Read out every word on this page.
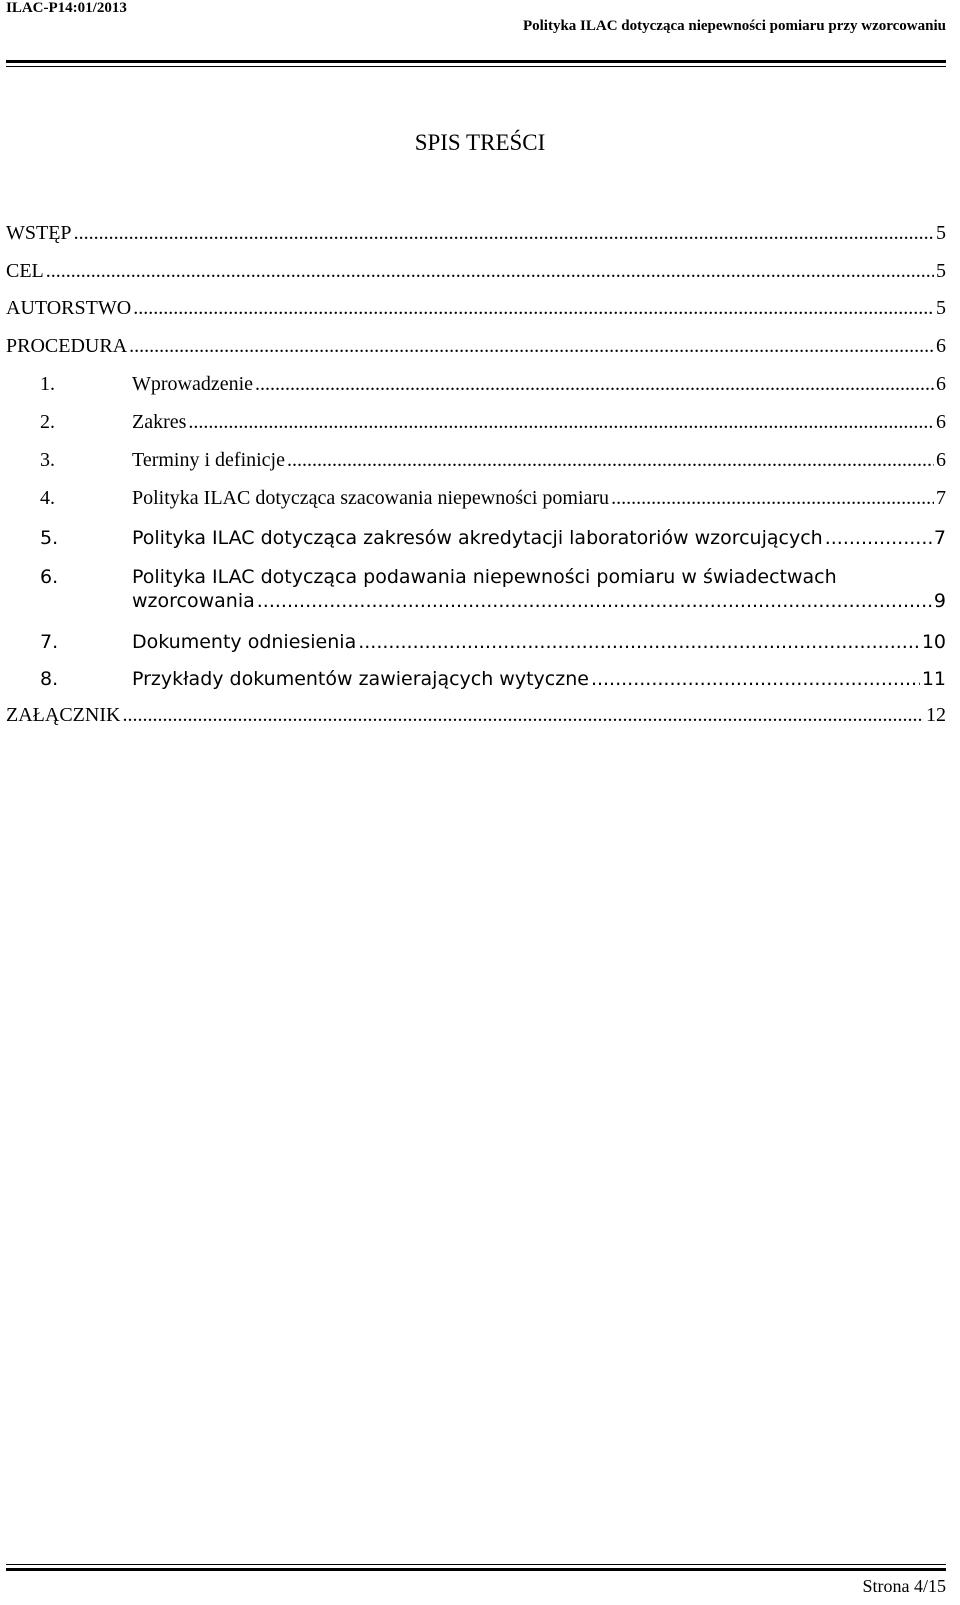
ILAC-P14:01/2013
Polityka ILAC dotycząca niepewności pomiaru przy wzorcowaniu
SPIS TREŚCI
WSTĘP .....	5
CEL .....	5
AUTORSTWO .....	5
PROCEDURA .....	6
1.	Wprowadzenie .....	6
2.	Zakres .....	6
3.	Terminy i definicje .....	6
4.	Polityka ILAC dotycząca szacowania niepewności pomiaru .....	7
5.	Polityka ILAC dotycząca zakresów akredytacji laboratoriów wzorcujących .....	7
6.	Polityka ILAC dotycząca podawania niepewności pomiaru w świadectwach
wzorcowania .....	9
7.	Dokumenty odniesienia .....	10
8.	Przykłady dokumentów zawierających wytyczne .....	11
ZAŁĄCZNIK .....	12
Strona 4/15
